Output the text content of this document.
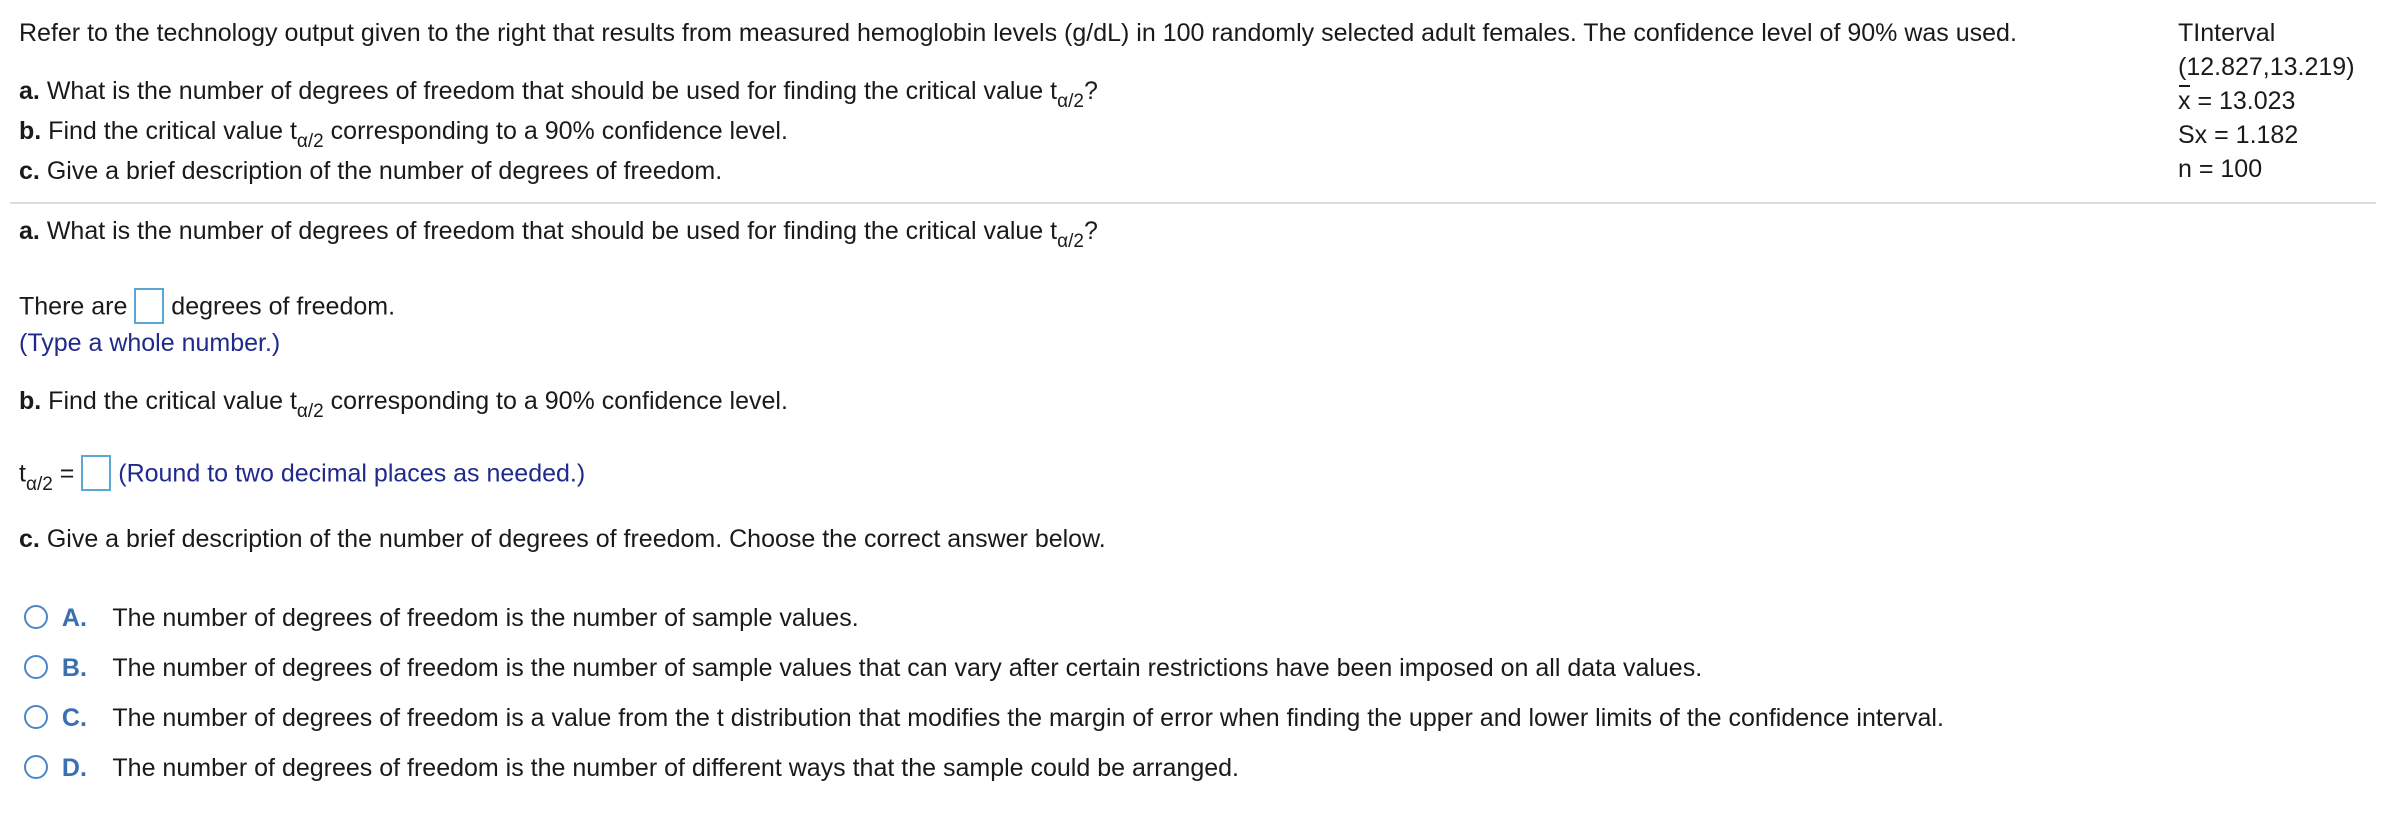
Refer to the technology output given to the right that results from measured hemoglobin levels (g/dL) in 100 randomly selected adult females. The confidence level of 90% was used.	TInterval
(12.827,13.219)
x = 13.023
Sx = 1.182
n = 100
a. What is the number of degrees of freedom that should be used for finding the critical value $t_{\alpha/2}$?
b. Find the critical value $t_{\alpha/2}$ corresponding to a 90% confidence level.
c. Give a brief description of the number of degrees of freedom.
a. What is the number of degrees of freedom that should be used for finding the critical value $t_{\alpha/2}$?
There are degrees of freedom.
(Type a whole number.)
b. Find the critical value $t_{\alpha/2}$ corresponding to a 90% confidence level.
$t_{\alpha/2}$ = (Round to two decimal places as needed.)
c. Give a brief description of the number of degrees of freedom. Choose the correct answer below.
A. The number of degrees of freedom is the number of sample values.
B. The number of degrees of freedom is the number of sample values that can vary after certain restrictions have been imposed on all data values.
C. The number of degrees of freedom is a value from the t distribution that modifies the margin of error when finding the upper and lower limits of the confidence interval.
D. The number of degrees of freedom is the number of different ways that the sample could be arranged.
